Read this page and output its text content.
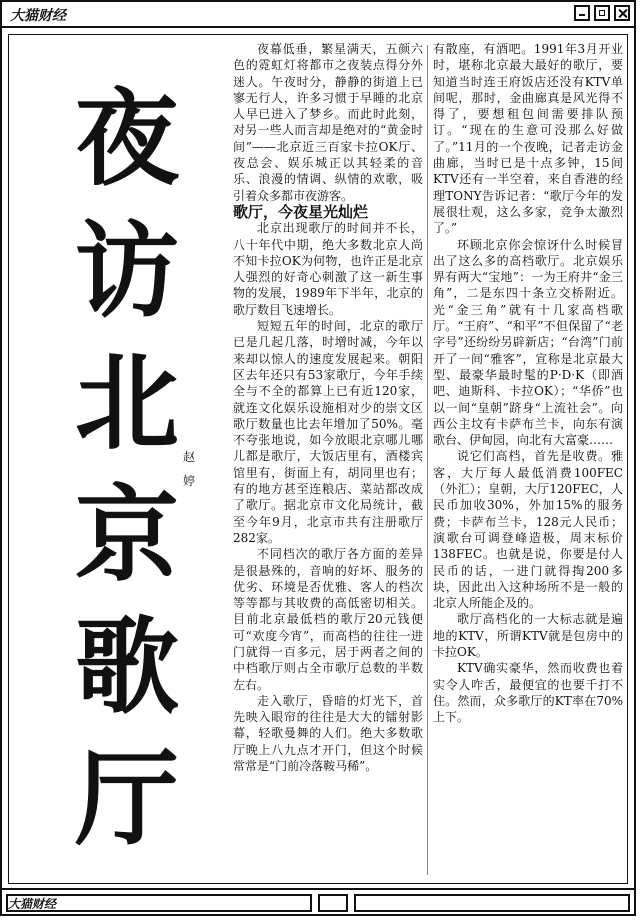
大猫财经
夜
访
北
京
歌
厅
赵
婷

夜幕低垂，繁星满天，五颜六色的霓虹灯将都市之夜装点得分外迷人。午夜时分，静静的街道上已寥无行人，许多习惯于早睡的北京人早已进入了梦乡。而此时此刻，对另一些人而言却是绝对的“黄金时间”——北京近三百家卡拉OK厅、夜总会、娱乐城正以其轻柔的音乐、浪漫的情调、纵情的欢歌，吸引着众多都市夜游客。

歌厅，今夜星光灿烂

北京出现歌厅的时间并不长，八十年代中期，绝大多数北京人尚不知卡拉OK为何物，也许正是北京人强烈的好奇心刺激了这一新生事物的发展，1989年下半年，北京的歌厅数目飞速增长。

短短五年的时间，北京的歌厅已是几起几落，时增时减，今年以来却以惊人的速度发展起来。朝阳区去年还只有53家歌厅，今年手续全与不全的都算上已有近120家，就连文化娱乐设施相对少的崇文区歌厅数量也比去年增加了50%。毫不夸张地说，如今放眼北京哪儿哪儿都是歌厅，大饭店里有，酒楼宾馆里有，街面上有，胡同里也有；有的地方甚至连粮店、菜站都改成了歌厅。据北京市文化局统计，截至今年9月，北京市共有注册歌厅282家。

不同档次的歌厅各方面的差异是很悬殊的，音响的好坏、服务的优劣、环境是否优雅、客人的档次等等都与其收费的高低密切相关。目前北京最低档的歌厅20元钱便可“欢度今宵”，而高档的往往一进门就得一百多元，居于两者之间的中档歌厅则占全市歌厅总数的半数左右。

走入歌厅，昏暗的灯光下，首先映入眼帘的往往是大大的镭射影幕，轻歌曼舞的人们。绝大多数歌厅晚上八九点才开门，但这个时候常常是“门前冷落鞍马稀”。

有散座，有酒吧。1991年3月开业时，堪称北京最大最好的歌厅，要知道当时连王府饭店还没有KTV单间呢，那时，金曲廊真是风光得不得了，要想租包间需要排队预订。“现在的生意可没那么好做了。”11月的一个夜晚，记者走访金曲廊，当时已是十点多钟，15间KTV还有一半空着，来自香港的经理TONY告诉记者：“歌厅今年的发展很壮观，这么多家，竞争太激烈了。”

环顾北京你会惊讶什么时候冒出了这么多的高档歌厅。北京娱乐界有两大“宝地”：一为王府井“金三角”，二是东四十条立交桥附近。光“金三角”就有十几家高档歌厅。“王府”、“和平”不但保留了“老字号”还纷纷另辟新店；“台湾”门前开了一间“雅客”，宣称是北京最大型、最豪华最时髦的P·D·K（即酒吧、迪斯科、卡拉OK）；“华侨”也以一间“皇朝”跻身“上流社会”。向西公主坟有卡萨布兰卡，向东有演歌台、伊甸园，向北有大富豪……

说它们高档，首先是收费。雅客，大厅每人最低消费100FEC（外汇）；皇朝，大厅120FEC，人民币加收30%，外加15%的服务费；卡萨布兰卡，128元人民币；演歌台可调登峰造极，周末标价138FEC。也就是说，你要是付人民币的话，一进门就得掏200多块，因此出入这种场所不是一般的北京人所能企及的。

歌厅高档化的一大标志就是遍地的KTV，所谓KTV就是包房中的卡拉OK。

KTV确实豪华，然而收费也着实令人咋舌，最便宜的也要千打不住。然而，众多歌厅的KT率在70%上下。

大猫财经
